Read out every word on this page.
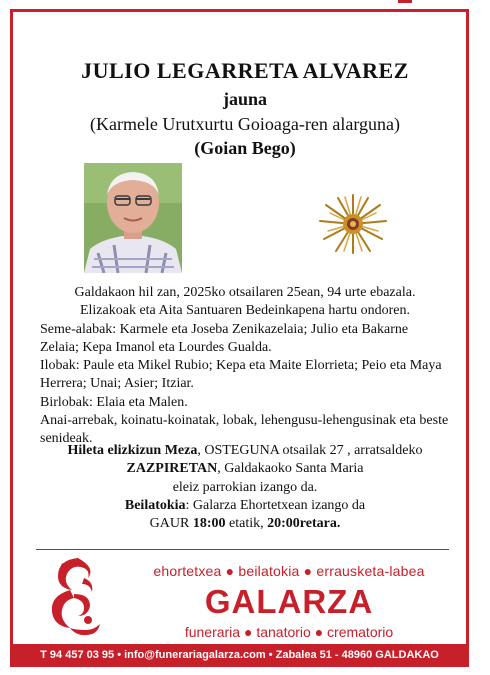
JULIO LEGARRETA ALVAREZ
jauna
(Karmele Urutxurtu Goioaga-ren alarguna)
(Goian Bego)

Galdakaon hil zan, 2025ko otsailaren 25ean, 94 urte ebazala.

Elizakoak eta Aita Santuaren Bedeinkapena hartu ondoren.

Seme-alabak: Karmele eta Joseba Zenikazelaia; Julio eta Bakarne Zelaia; Kepa Imanol eta Lourdes Gualda.

Ilobak: Paule eta Mikel Rubio; Kepa eta Maite Elorrieta; Peio eta Maya Herrera; Unai; Asier; Itziar.

Birlobak: Elaia eta Malen.

Anai-arrebak, koinatu-koinatak, lobak, lehengusu-lehengusinak eta beste senideak.

Hileta elizkizun Meza, OSTEGUNA otsailak 27 , arratsaldeko

ZAZPIRETAN, Galdakaoko Santa Maria

eleiz parrokian izango da.

Beilatokia: Galarza Ehortetxean izango da

GAUR 18:00 etatik, 20:00retara.

ehortetxea ● beilatokia ● errausketa-labea
GALARZA
funeraria ● tanatorio ● crematorio
T 94 457 03 95 • info@funerariagalarza.com • Zabalea 51 - 48960 GALDAKAO
